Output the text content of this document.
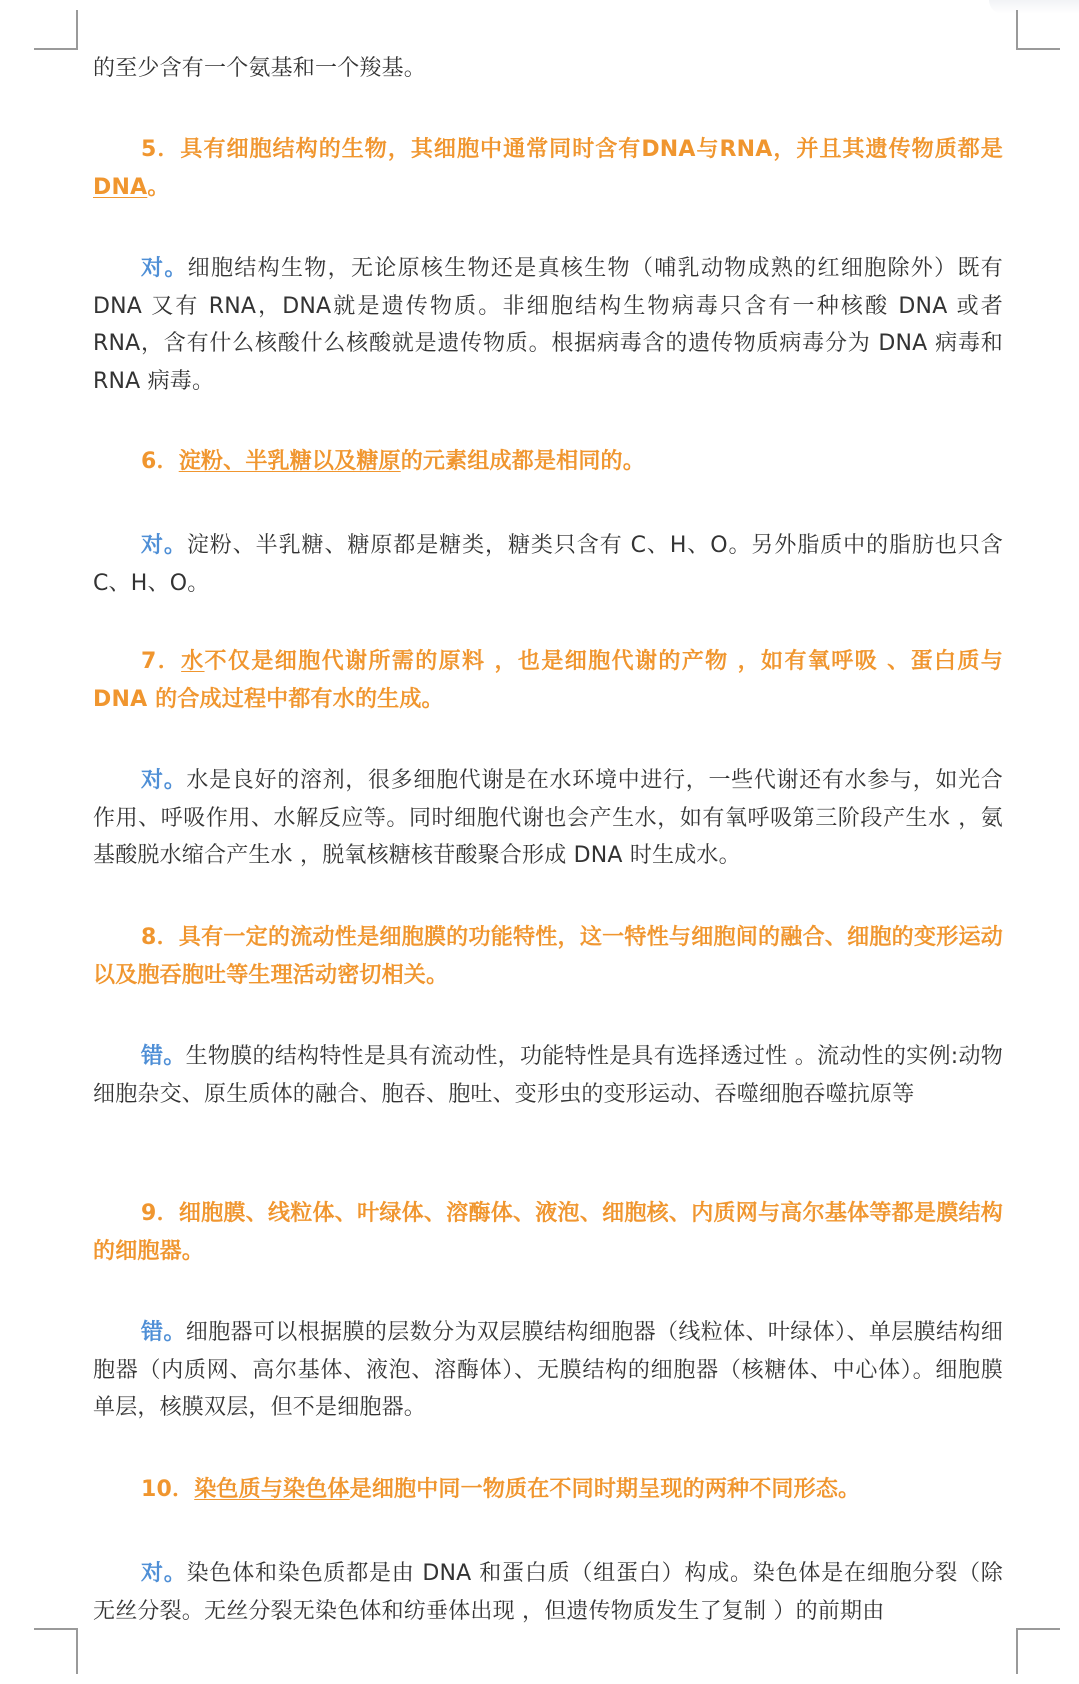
的至少含有一个氨基和一个羧基。

5．具有细胞结构的生物，其细胞中通常同时含有DNA与RNA，并且其遗传物质都是DNA。

对。细胞结构生物，无论原核生物还是真核生物（哺乳动物成熟的红细胞除外）既有 DNA 又有 RNA，DNA就是遗传物质。非细胞结构生物病毒只含有一种核酸 DNA 或者 RNA，含有什么核酸什么核酸就是遗传物质。根据病毒含的遗传物质病毒分为 DNA 病毒和 RNA 病毒。

6．淀粉、半乳糖以及糖原的元素组成都是相同的。

对。淀粉、半乳糖、糖原都是糖类，糖类只含有 C、H、O。另外脂质中的脂肪也只含 C、H、O。

7．水不仅是细胞代谢所需的原料 ，也是细胞代谢的产物 ，如有氧呼吸 、蛋白质与 DNA 的合成过程中都有水的生成。

对。水是良好的溶剂，很多细胞代谢是在水环境中进行，一些代谢还有水参与，如光合作用、呼吸作用、水解反应等。同时细胞代谢也会产生水，如有氧呼吸第三阶段产生水 ，氨基酸脱水缩合产生水 ，脱氧核糖核苷酸聚合形成 DNA 时生成水。

8．具有一定的流动性是细胞膜的功能特性，这一特性与细胞间的融合、细胞的变形运动以及胞吞胞吐等生理活动密切相关。

错。生物膜的结构特性是具有流动性，功能特性是具有选择透过性 。流动性的实例:动物细胞杂交、原生质体的融合、胞吞、胞吐、变形虫的变形运动、吞噬细胞吞噬抗原等

9．细胞膜、线粒体、叶绿体、溶酶体、液泡、细胞核、内质网与高尔基体等都是膜结构的细胞器。

错。细胞器可以根据膜的层数分为双层膜结构细胞器（线粒体、叶绿体）、单层膜结构细胞器（内质网、高尔基体、液泡、溶酶体）、无膜结构的细胞器（核糖体、中心体）。细胞膜单层，核膜双层，但不是细胞器。

10．染色质与染色体是细胞中同一物质在不同时期呈现的两种不同形态。

对。染色体和染色质都是由 DNA 和蛋白质（组蛋白）构成。染色体是在细胞分裂（除无丝分裂。无丝分裂无染色体和纺垂体出现 ，但遗传物质发生了复制 ）的前期由
